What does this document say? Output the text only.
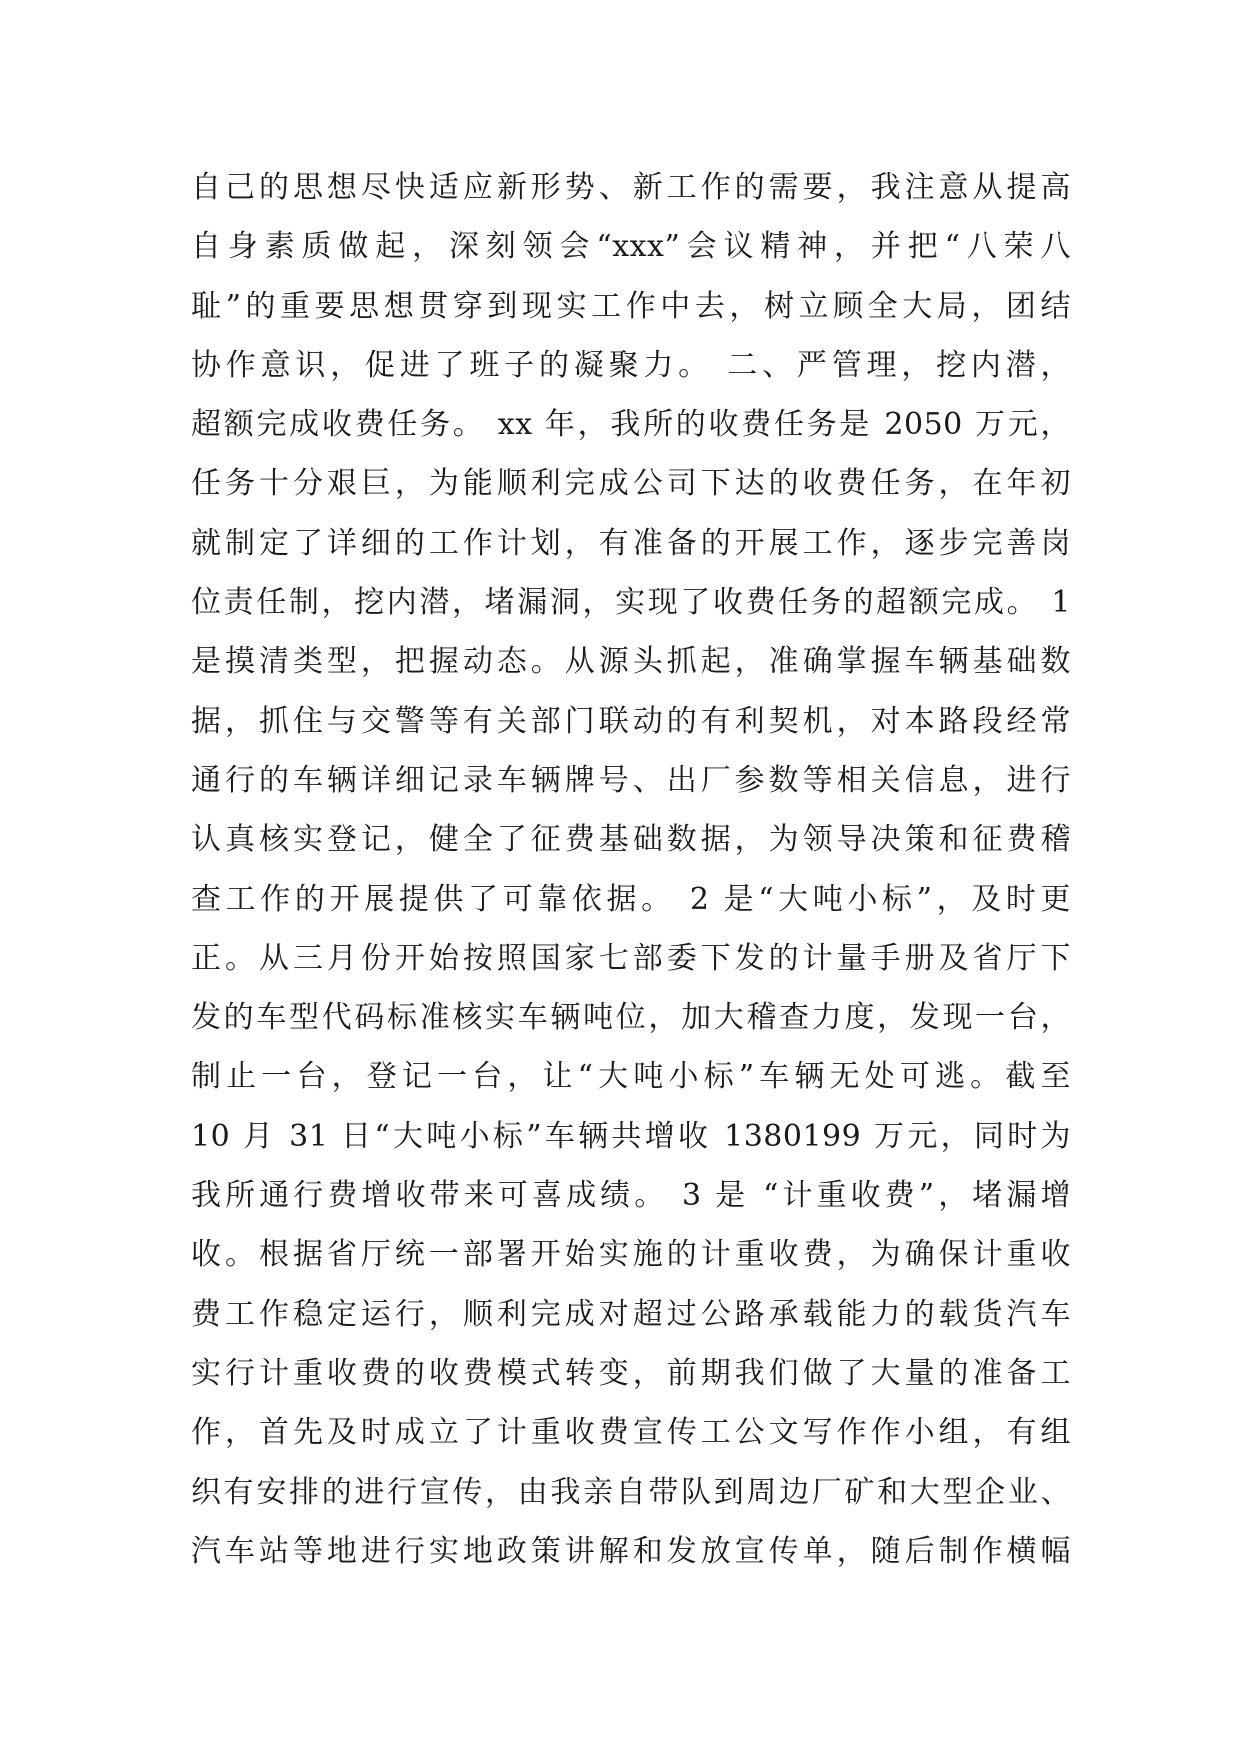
自己的思想尽快适应新形势、新工作的需要，我注意从提高
自身素质做起，深刻领会“xxx”会议精神，并把“八荣八
耻”的重要思想贯穿到现实工作中去，树立顾全大局，团结
协作意识，促进了班子的凝聚力。 二、严管理，挖内潜，
超额完成收费任务。 xx 年，我所的收费任务是 2050 万元，
任务十分艰巨，为能顺利完成公司下达的收费任务，在年初
就制定了详细的工作计划，有准备的开展工作，逐步完善岗
位责任制，挖内潜，堵漏洞，实现了收费任务的超额完成。 1
是摸清类型，把握动态。从源头抓起，准确掌握车辆基础数
据，抓住与交警等有关部门联动的有利契机，对本路段经常
通行的车辆详细记录车辆牌号、出厂参数等相关信息，进行
认真核实登记，健全了征费基础数据，为领导决策和征费稽
查工作的开展提供了可靠依据。 2 是“大吨小标”，及时更
正。从三月份开始按照国家七部委下发的计量手册及省厅下
发的车型代码标准核实车辆吨位，加大稽查力度，发现一台，
制止一台，登记一台，让“大吨小标”车辆无处可逃。截至
10 月 31 日“大吨小标”车辆共增收 1380199 万元，同时为
我所通行费增收带来可喜成绩。 3 是 “计重收费”，堵漏增
收。根据省厅统一部署开始实施的计重收费，为确保计重收
费工作稳定运行，顺利完成对超过公路承载能力的载货汽车
实行计重收费的收费模式转变，前期我们做了大量的准备工
作，首先及时成立了计重收费宣传工公文写作作小组，有组
织有安排的进行宣传，由我亲自带队到周边厂矿和大型企业、
汽车站等地进行实地政策讲解和发放宣传单，随后制作横幅
